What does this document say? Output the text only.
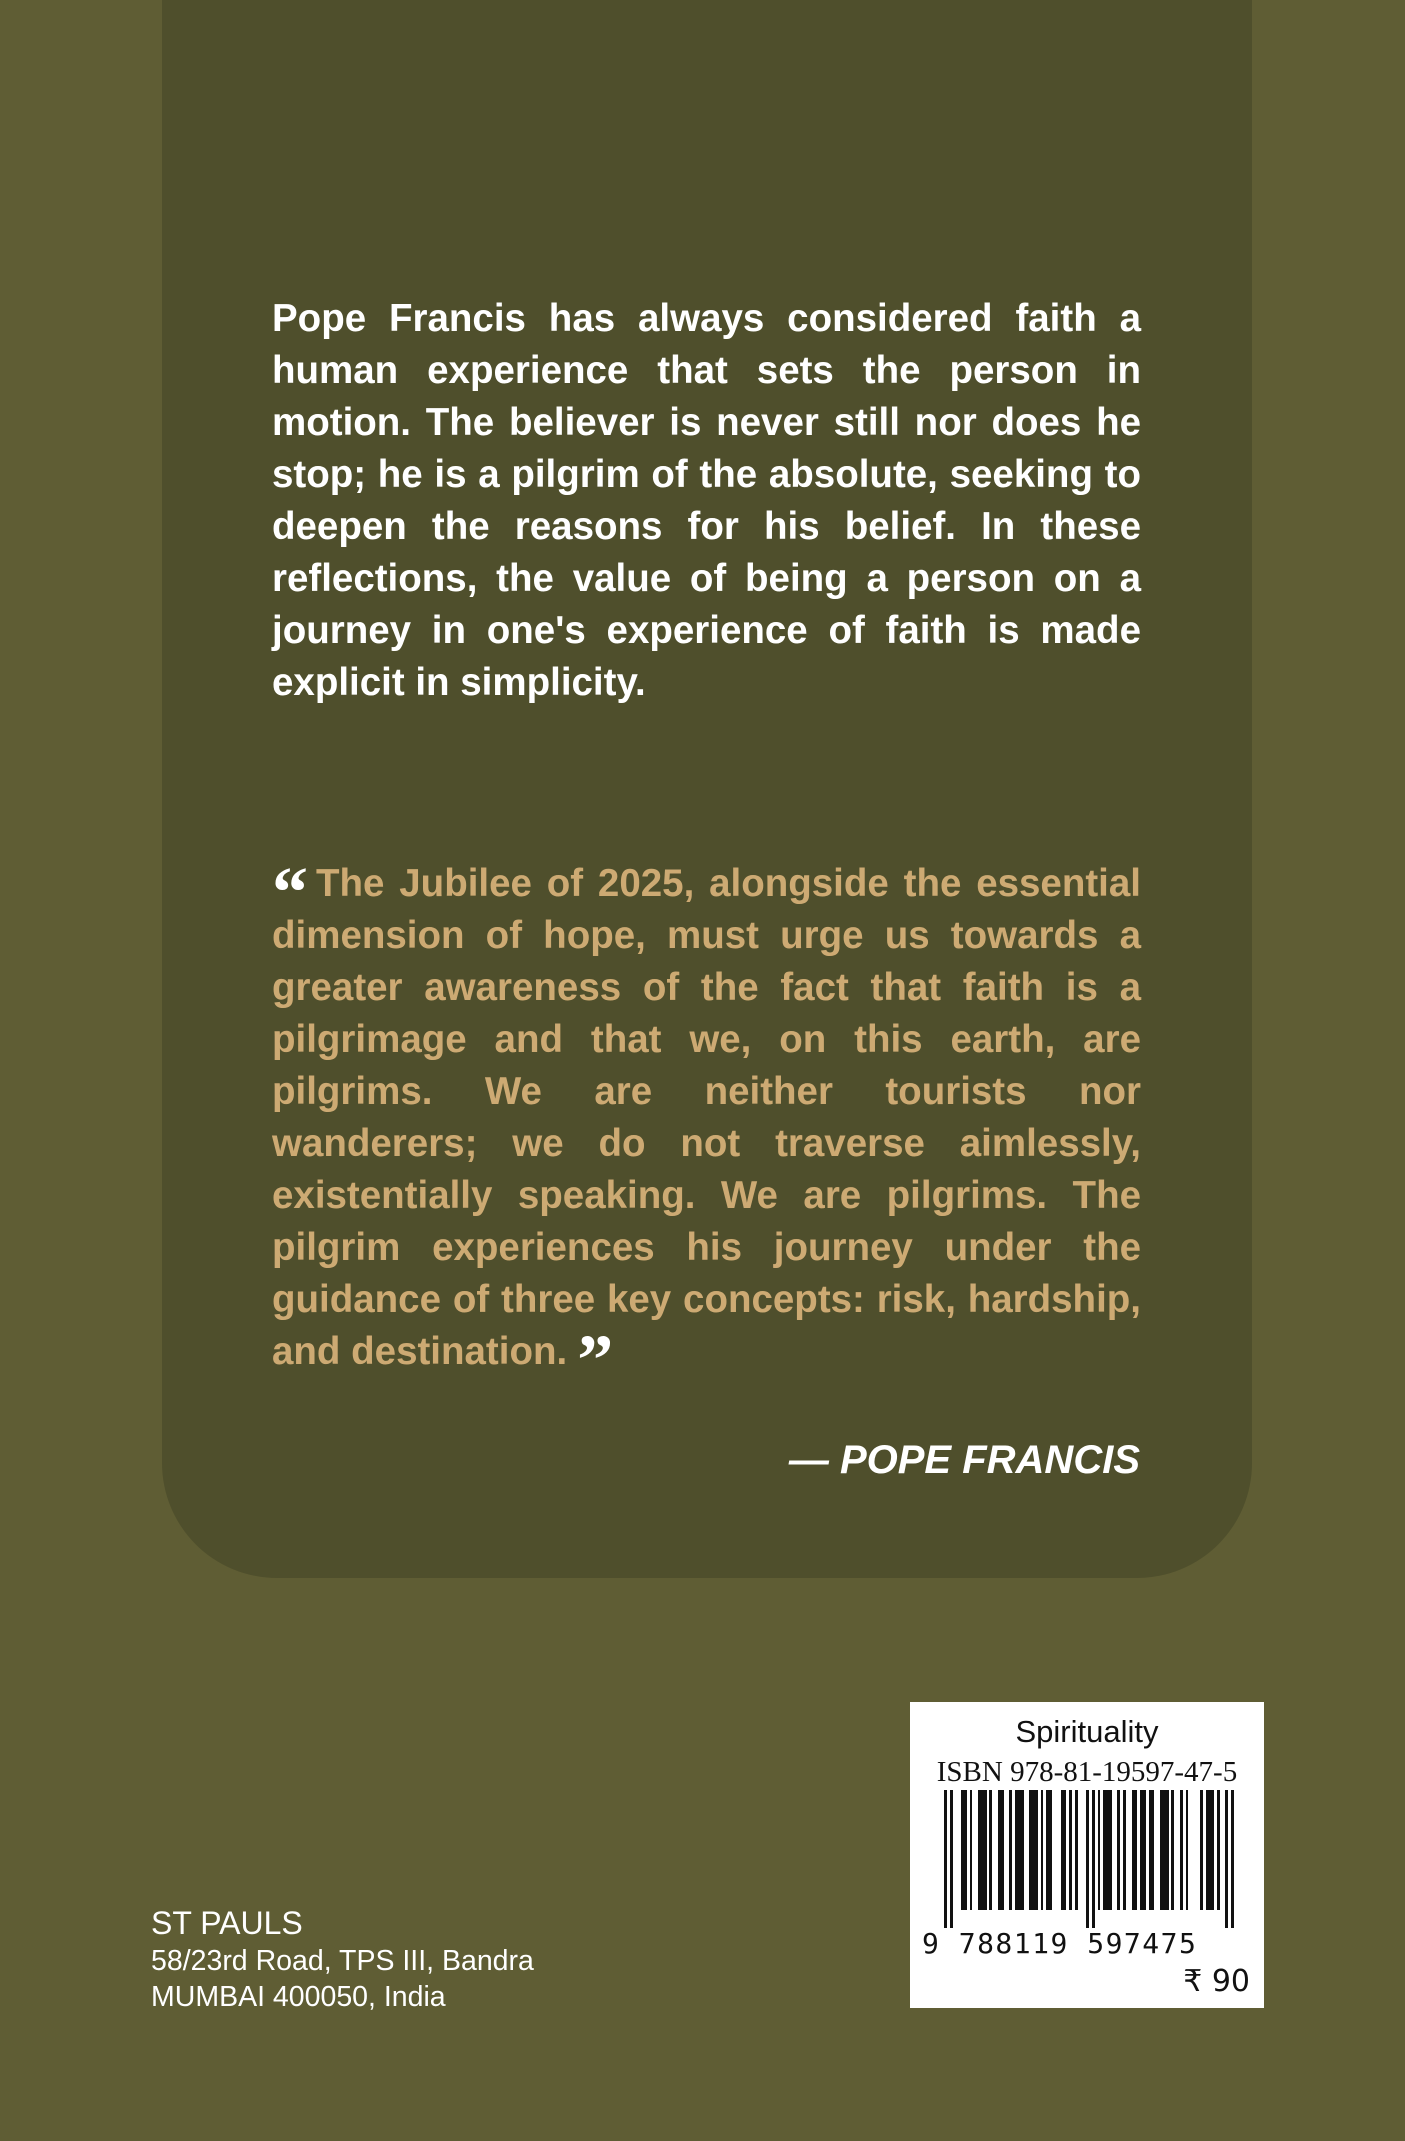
Pope Francis has always considered faith a human experience that sets the person in motion. The believer is never still nor does he stop; he is a pilgrim of the absolute, seeking to deepen the reasons for his belief. In these reflections, the value of being a person on a journey in one's experience of faith is made explicit in simplicity.

“ The Jubilee of 2025, alongside the essential dimension of hope, must urge us towards a greater awareness of the fact that faith is a pilgrimage and that we, on this earth, are pilgrims. We are neither tourists nor wanderers; we do not traverse aimlessly, existentially speaking. We are pilgrims. The pilgrim experiences his journey under the guidance of three key concepts: risk, hardship, and destination. ”

— POPE FRANCIS
ST PAULS
58/23rd Road, TPS III, Bandra
MUMBAI 400050, India
Spirituality
ISBN 978-81-19597-47-5
9 788119 597475
₹ 90
